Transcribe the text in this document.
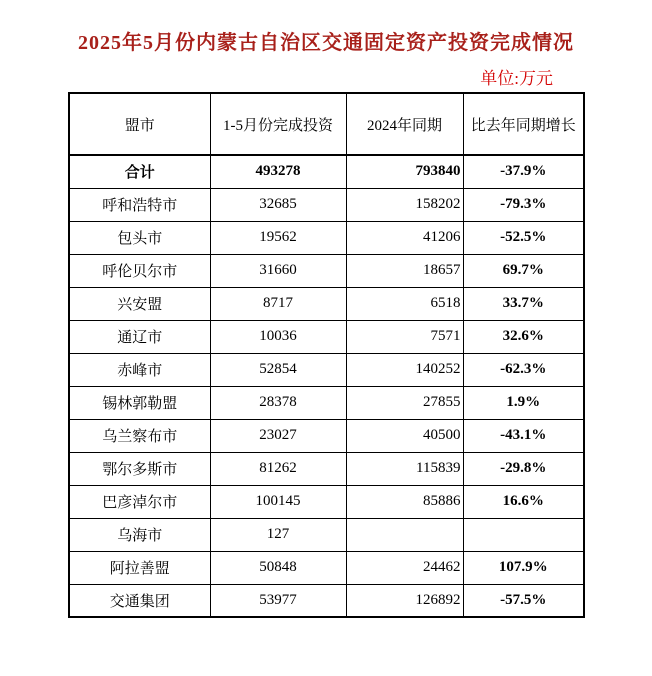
2025年5月份内蒙古自治区交通固定资产投资完成情况
单位:万元
盟市	1-5月份完成投资	2024年同期	比去年同期增长
合计	493278	793840	-37.9%
呼和浩特市	32685	158202	-79.3%
包头市	19562	41206	-52.5%
呼伦贝尔市	31660	18657	69.7%
兴安盟	8717	6518	33.7%
通辽市	10036	7571	32.6%
赤峰市	52854	140252	-62.3%
锡林郭勒盟	28378	27855	1.9%
乌兰察布市	23027	40500	-43.1%
鄂尔多斯市	81262	115839	-29.8%
巴彦淖尔市	100145	85886	16.6%
乌海市	127		
阿拉善盟	50848	24462	107.9%
交通集团	53977	126892	-57.5%
